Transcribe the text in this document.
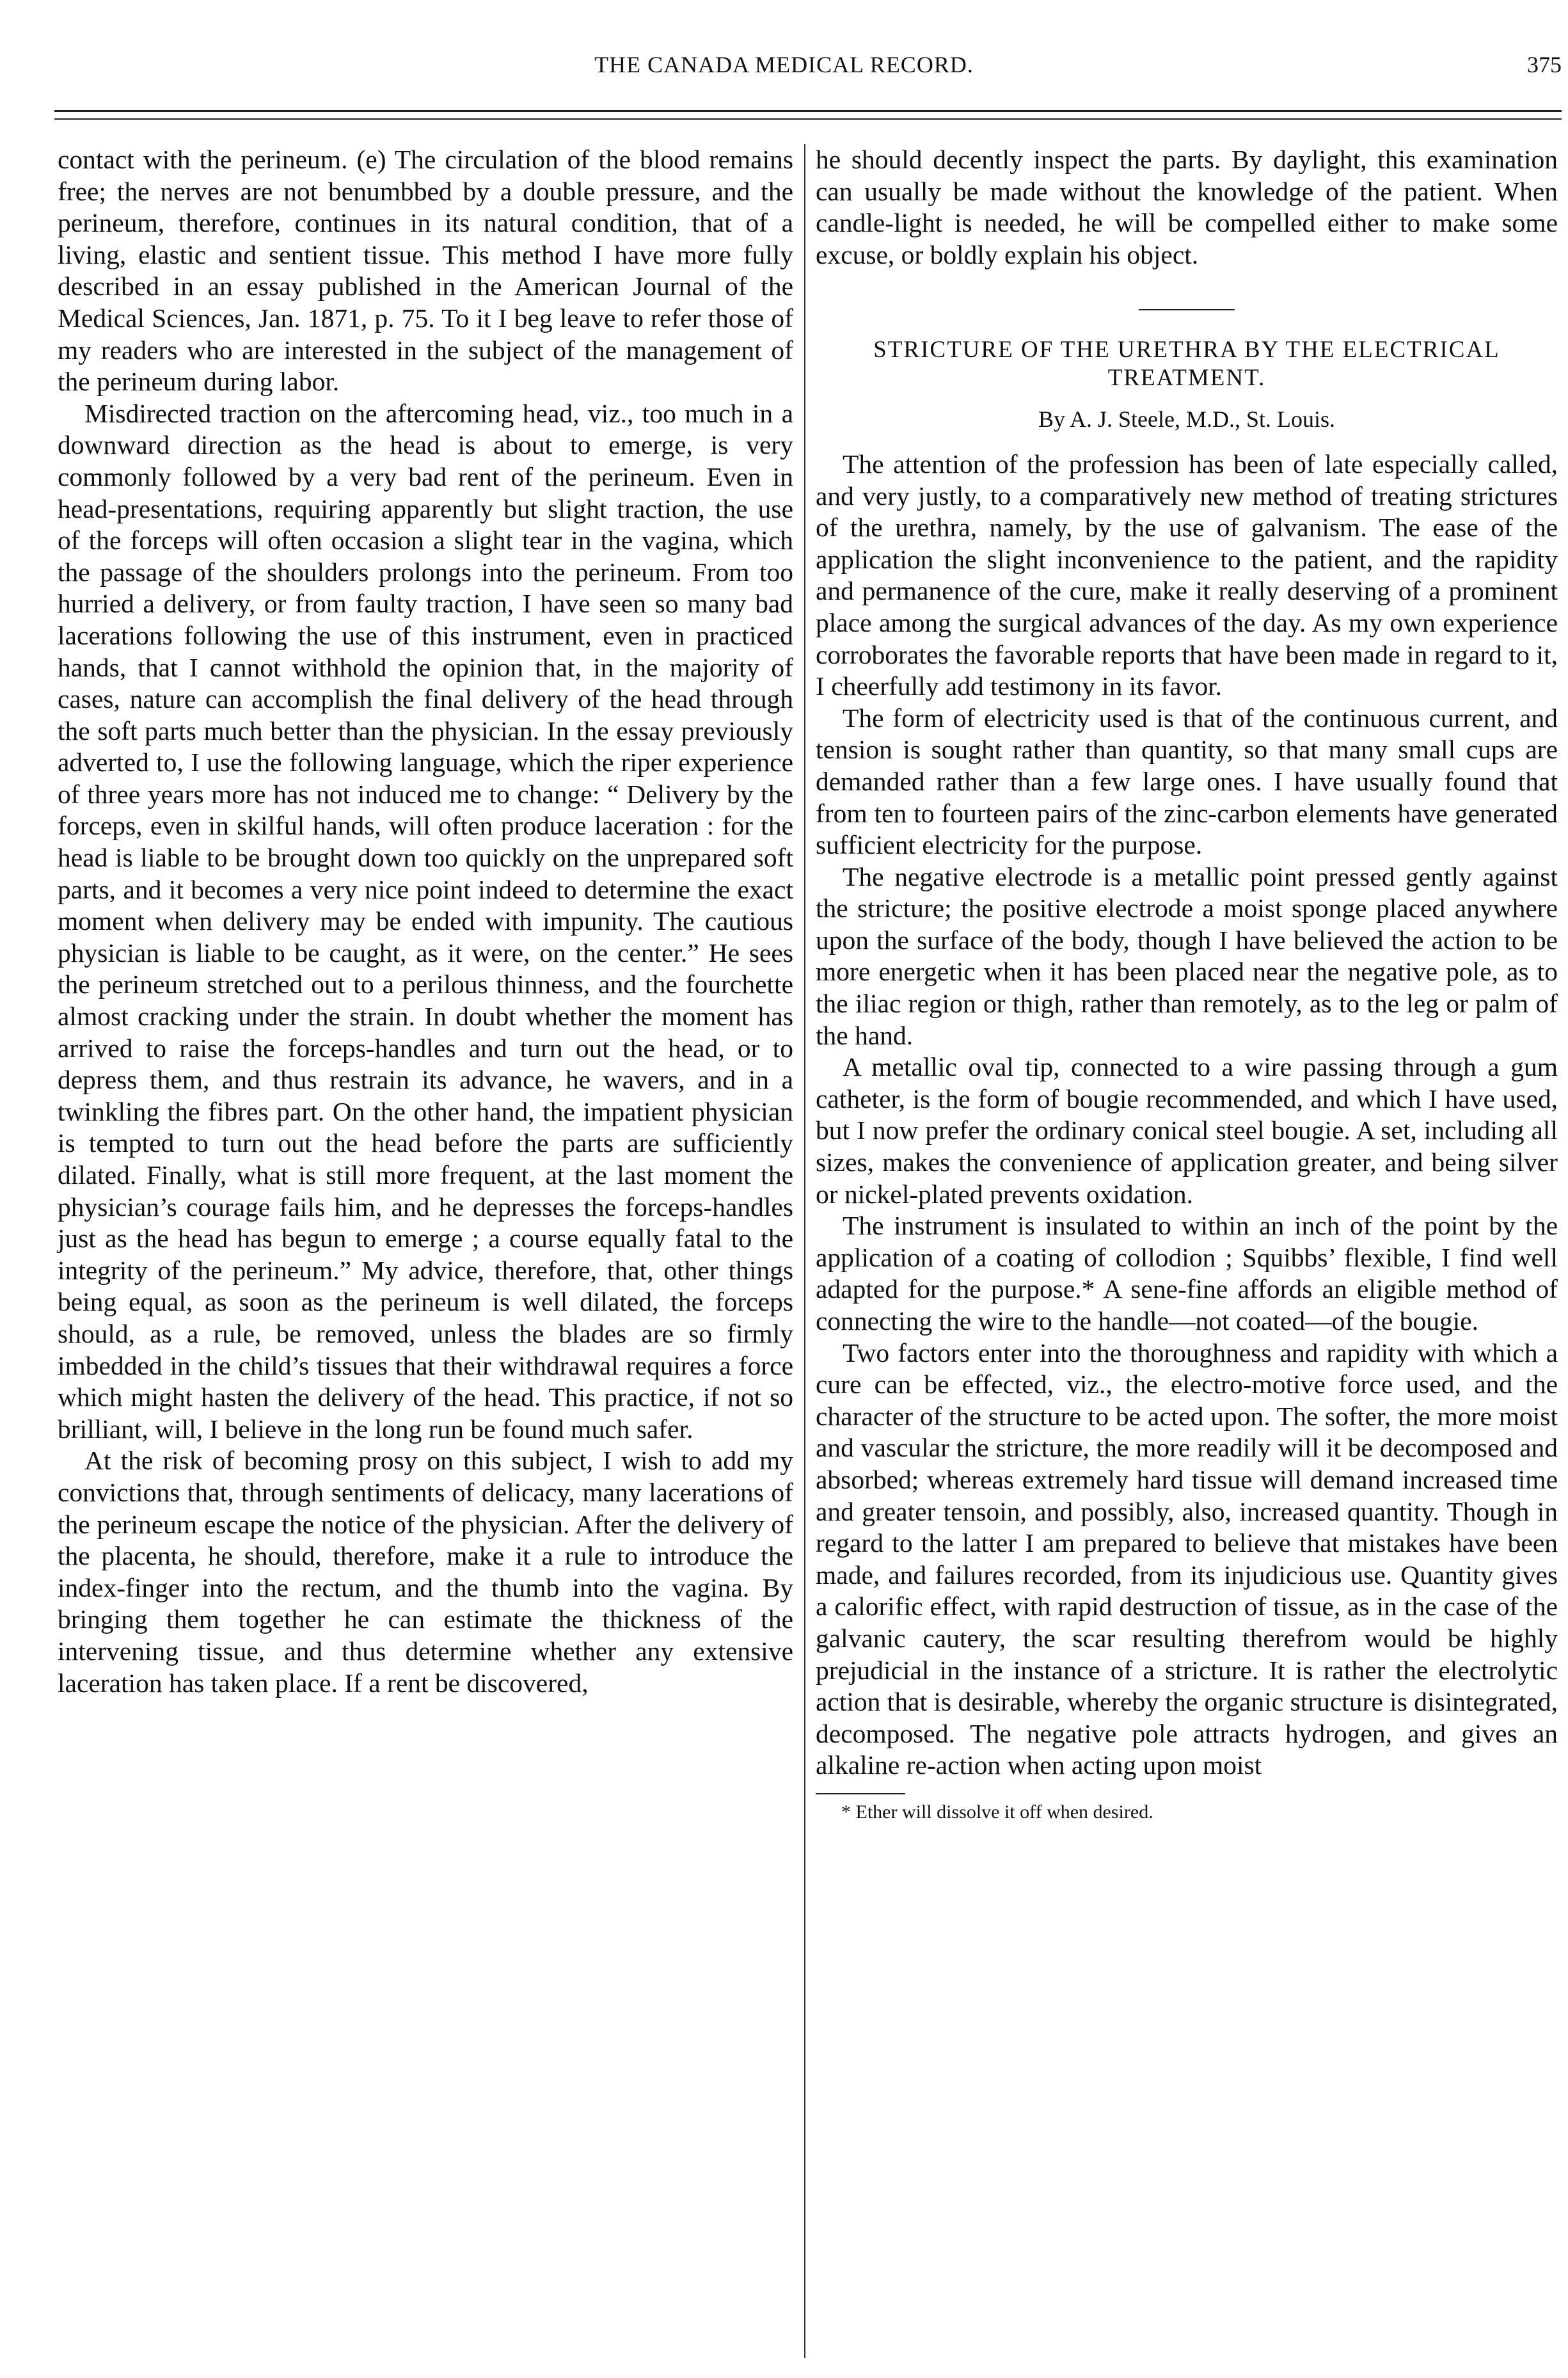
THE CANADA MEDICAL RECORD.	375

contact with the perineum. (e) The circulation of the blood remains free; the nerves are not benumbbed by a double pressure, and the perineum, therefore, continues in its natural condition, that of a living, elastic and sentient tissue. This method I have more fully described in an essay published in the American Journal of the Medical Sciences, Jan. 1871, p. 75. To it I beg leave to refer those of my readers who are interested in the subject of the management of the perineum during labor.

Misdirected traction on the aftercoming head, viz., too much in a downward direction as the head is about to emerge, is very commonly followed by a very bad rent of the perineum. Even in head-presentations, requiring apparently but slight traction, the use of the forceps will often occasion a slight tear in the vagina, which the passage of the shoulders prolongs into the perineum. From too hurried a delivery, or from faulty traction, I have seen so many bad lacerations following the use of this instrument, even in practiced hands, that I cannot withhold the opinion that, in the majority of cases, nature can accomplish the final delivery of the head through the soft parts much better than the physician. In the essay previously adverted to, I use the following language, which the riper experience of three years more has not induced me to change: “ Delivery by the forceps, even in skilful hands, will often produce laceration : for the head is liable to be brought down too quickly on the unprepared soft parts, and it becomes a very nice point indeed to determine the exact moment when delivery may be ended with impunity. The cautious physician is liable to be caught, as it were, on the center.” He sees the perineum stretched out to a perilous thinness, and the fourchette almost cracking under the strain. In doubt whether the moment has arrived to raise the forceps-handles and turn out the head, or to depress them, and thus restrain its advance, he wavers, and in a twinkling the fibres part. On the other hand, the impatient physician is tempted to turn out the head before the parts are sufficiently dilated. Finally, what is still more frequent, at the last moment the physician’s courage fails him, and he depresses the forceps-handles just as the head has begun to emerge ; a course equally fatal to the integrity of the perineum.” My advice, therefore, that, other things being equal, as soon as the perineum is well dilated, the forceps should, as a rule, be removed, unless the blades are so firmly imbedded in the child’s tissues that their withdrawal requires a force which might hasten the delivery of the head. This practice, if not so brilliant, will, I believe in the long run be found much safer.

At the risk of becoming prosy on this subject, I wish to add my convictions that, through sentiments of delicacy, many lacerations of the perineum escape the notice of the physician. After the delivery of the placenta, he should, therefore, make it a rule to introduce the index-finger into the rectum, and the thumb into the vagina. By bringing them together he can estimate the thickness of the intervening tissue, and thus determine whether any extensive laceration has taken place. If a rent be discovered,

he should decently inspect the parts. By daylight, this examination can usually be made without the knowledge of the patient. When candle-light is needed, he will be compelled either to make some excuse, or boldly explain his object.

STRICTURE OF THE URETHRA BY THE ELECTRICAL TREATMENT.
By A. J. Steele, M.D., St. Louis.

The attention of the profession has been of late especially called, and very justly, to a comparatively new method of treating strictures of the urethra, namely, by the use of galvanism. The ease of the application the slight inconvenience to the patient, and the rapidity and permanence of the cure, make it really deserving of a prominent place among the surgical advances of the day. As my own experience corroborates the favorable reports that have been made in regard to it, I cheerfully add testimony in its favor.

The form of electricity used is that of the continuous current, and tension is sought rather than quantity, so that many small cups are demanded rather than a few large ones. I have usually found that from ten to fourteen pairs of the zinc-carbon elements have generated sufficient electricity for the purpose.

The negative electrode is a metallic point pressed gently against the stricture; the positive electrode a moist sponge placed anywhere upon the surface of the body, though I have believed the action to be more energetic when it has been placed near the negative pole, as to the iliac region or thigh, rather than remotely, as to the leg or palm of the hand.

A metallic oval tip, connected to a wire passing through a gum catheter, is the form of bougie recommended, and which I have used, but I now prefer the ordinary conical steel bougie. A set, including all sizes, makes the convenience of application greater, and being silver or nickel-plated prevents oxidation.

The instrument is insulated to within an inch of the point by the application of a coating of collodion ; Squibbs’ flexible, I find well adapted for the purpose.* A sene-fine affords an eligible method of connecting the wire to the handle—not coated—of the bougie.

Two factors enter into the thoroughness and rapidity with which a cure can be effected, viz., the electro-motive force used, and the character of the structure to be acted upon. The softer, the more moist and vascular the stricture, the more readily will it be decomposed and absorbed; whereas extremely hard tissue will demand increased time and greater tensoin, and possibly, also, increased quantity. Though in regard to the latter I am prepared to believe that mistakes have been made, and failures recorded, from its injudicious use. Quantity gives a calorific effect, with rapid destruction of tissue, as in the case of the galvanic cautery, the scar resulting therefrom would be highly prejudicial in the instance of a stricture. It is rather the electrolytic action that is desirable, whereby the organic structure is disintegrated, decomposed. The negative pole attracts hydrogen, and gives an alkaline re-action when acting upon moist

* Ether will dissolve it off when desired.
